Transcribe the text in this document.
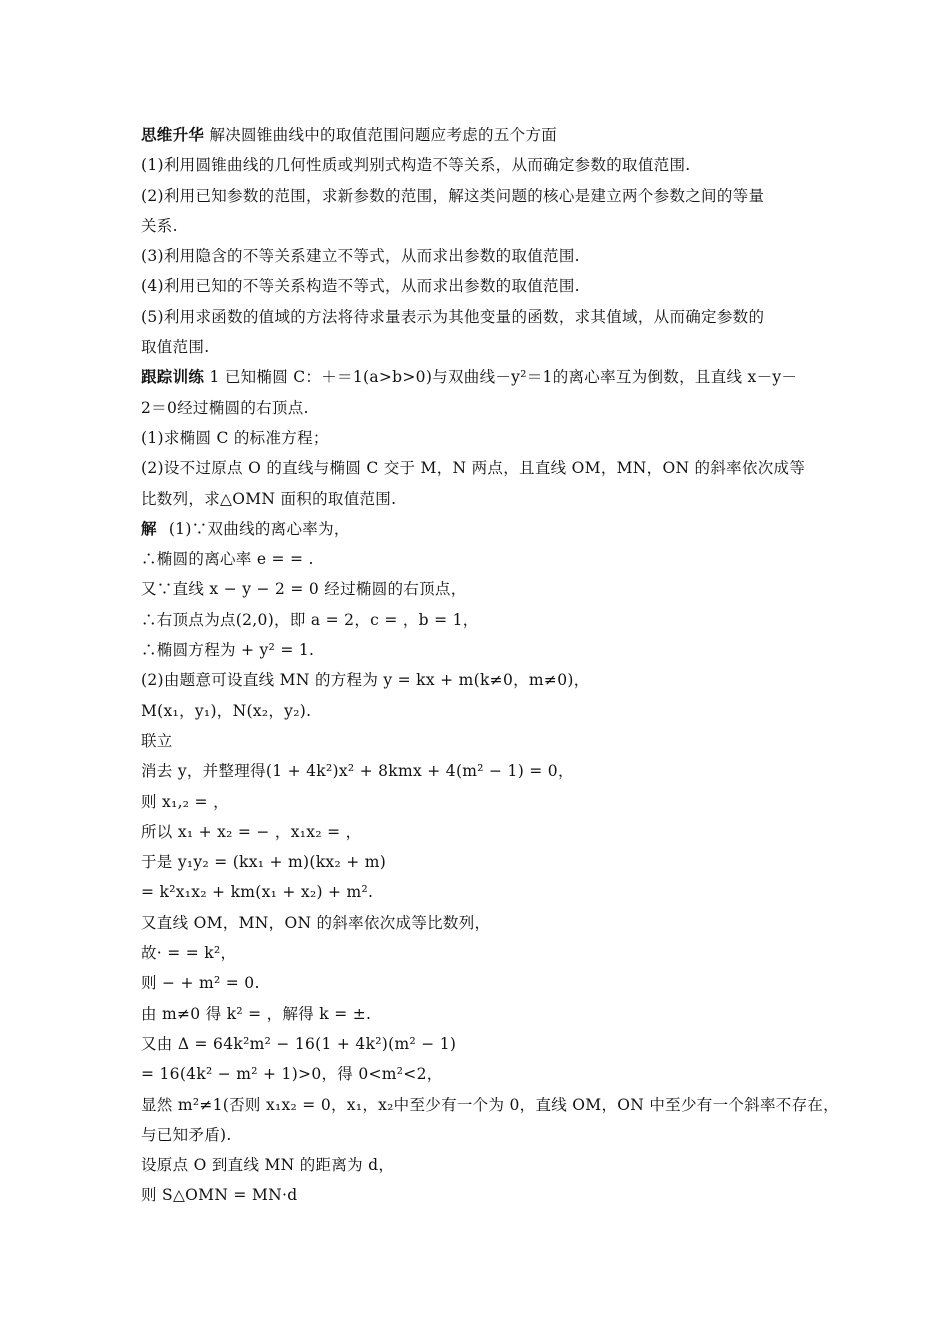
思维升华 解决圆锥曲线中的取值范围问题应考虑的五个方面
(1)利用圆锥曲线的几何性质或判别式构造不等关系，从而确定参数的取值范围.
(2)利用已知参数的范围，求新参数的范围，解这类问题的核心是建立两个参数之间的等量
关系.
(3)利用隐含的不等关系建立不等式，从而求出参数的取值范围.
(4)利用已知的不等关系构造不等式，从而求出参数的取值范围.
(5)利用求函数的值域的方法将待求量表示为其他变量的函数，求其值域，从而确定参数的
取值范围.
跟踪训练 1 已知椭圆 C：＋＝1(a>b>0)与双曲线－y²＝1的离心率互为倒数，且直线 x－y－
2＝0经过椭圆的右顶点.
(1)求椭圆 C 的标准方程；
(2)设不过原点 O 的直线与椭圆 C 交于 M，N 两点，且直线 OM，MN，ON 的斜率依次成等
比数列，求△OMN 面积的取值范围.
解 (1)∵双曲线的离心率为，
∴椭圆的离心率 e = = .
又∵直线 x − y − 2 = 0 经过椭圆的右顶点，
∴右顶点为点(2,0)，即 a = 2，c = ，b = 1，
∴椭圆方程为 + y² = 1.
(2)由题意可设直线 MN 的方程为 y = kx + m(k≠0，m≠0)，
M(x₁，y₁)，N(x₂，y₂).
联立
消去 y，并整理得(1 + 4k²)x² + 8kmx + 4(m² − 1) = 0，
则 x₁,₂ = ，
所以 x₁ + x₂ = − ，x₁x₂ = ，
于是 y₁y₂ = (kx₁ + m)(kx₂ + m)
= k²x₁x₂ + km(x₁ + x₂) + m².
又直线 OM，MN，ON 的斜率依次成等比数列，
故· = = k²，
则 − + m² = 0.
由 m≠0 得 k² = ，解得 k = ±.
又由 Δ = 64k²m² − 16(1 + 4k²)(m² − 1)
= 16(4k² − m² + 1)>0，得 0<m²<2，
显然 m²≠1(否则 x₁x₂ = 0，x₁，x₂中至少有一个为 0，直线 OM，ON 中至少有一个斜率不存在，
与已知矛盾).
设原点 O 到直线 MN 的距离为 d，
则 S△OMN = MN·d
